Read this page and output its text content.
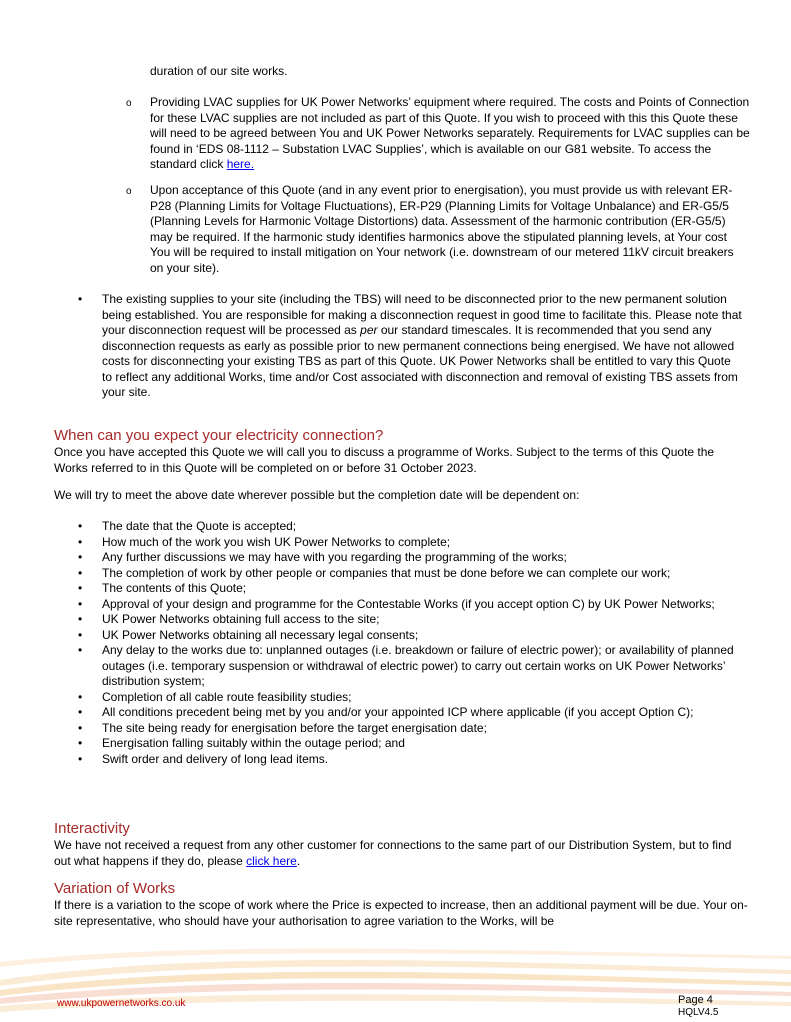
duration of our site works.
o Providing LVAC supplies for UK Power Networks’ equipment where required. The costs and Points of Connection for these LVAC supplies are not included as part of this Quote. If you wish to proceed with this this Quote these will need to be agreed between You and UK Power Networks separately. Requirements for LVAC supplies can be found in ‘EDS 08-1112 – Substation LVAC Supplies’, which is available on our G81 website. To access the standard click here.
o Upon acceptance of this Quote (and in any event prior to energisation), you must provide us with relevant ER-P28 (Planning Limits for Voltage Fluctuations), ER-P29 (Planning Limits for Voltage Unbalance) and ER-G5/5 (Planning Levels for Harmonic Voltage Distortions) data. Assessment of the harmonic contribution (ER-G5/5) may be required. If the harmonic study identifies harmonics above the stipulated planning levels, at Your cost You will be required to install mitigation on Your network (i.e. downstream of our metered 11kV circuit breakers on your site).
• The existing supplies to your site (including the TBS) will need to be disconnected prior to the new permanent solution being established. You are responsible for making a disconnection request in good time to facilitate this. Please note that your disconnection request will be processed as per our standard timescales. It is recommended that you send any disconnection requests as early as possible prior to new permanent connections being energised. We have not allowed costs for disconnecting your existing TBS as part of this Quote. UK Power Networks shall be entitled to vary this Quote to reflect any additional Works, time and/or Cost associated with disconnection and removal of existing TBS assets from your site.
When can you expect your electricity connection?
Once you have accepted this Quote we will call you to discuss a programme of Works. Subject to the terms of this Quote the Works referred to in this Quote will be completed on or before 31 October 2023.
We will try to meet the above date wherever possible but the completion date will be dependent on:
• The date that the Quote is accepted;
• How much of the work you wish UK Power Networks to complete;
• Any further discussions we may have with you regarding the programming of the works;
• The completion of work by other people or companies that must be done before we can complete our work;
• The contents of this Quote;
• Approval of your design and programme for the Contestable Works (if you accept option C) by UK Power Networks;
• UK Power Networks obtaining full access to the site;
• UK Power Networks obtaining all necessary legal consents;
• Any delay to the works due to: unplanned outages (i.e. breakdown or failure of electric power); or availability of planned outages (i.e. temporary suspension or withdrawal of electric power) to carry out certain works on UK Power Networks’ distribution system;
• Completion of all cable route feasibility studies;
• All conditions precedent being met by you and/or your appointed ICP where applicable (if you accept Option C);
• The site being ready for energisation before the target energisation date;
• Energisation falling suitably within the outage period; and
• Swift order and delivery of long lead items.
Interactivity
We have not received a request from any other customer for connections to the same part of our Distribution System, but to find out what happens if they do, please click here.
Variation of Works
If there is a variation to the scope of work where the Price is expected to increase, then an additional payment will be due. Your on-site representative, who should have your authorisation to agree variation to the Works, will be
www.ukpowernetworks.co.uk	Page 4
HQLV4.5
